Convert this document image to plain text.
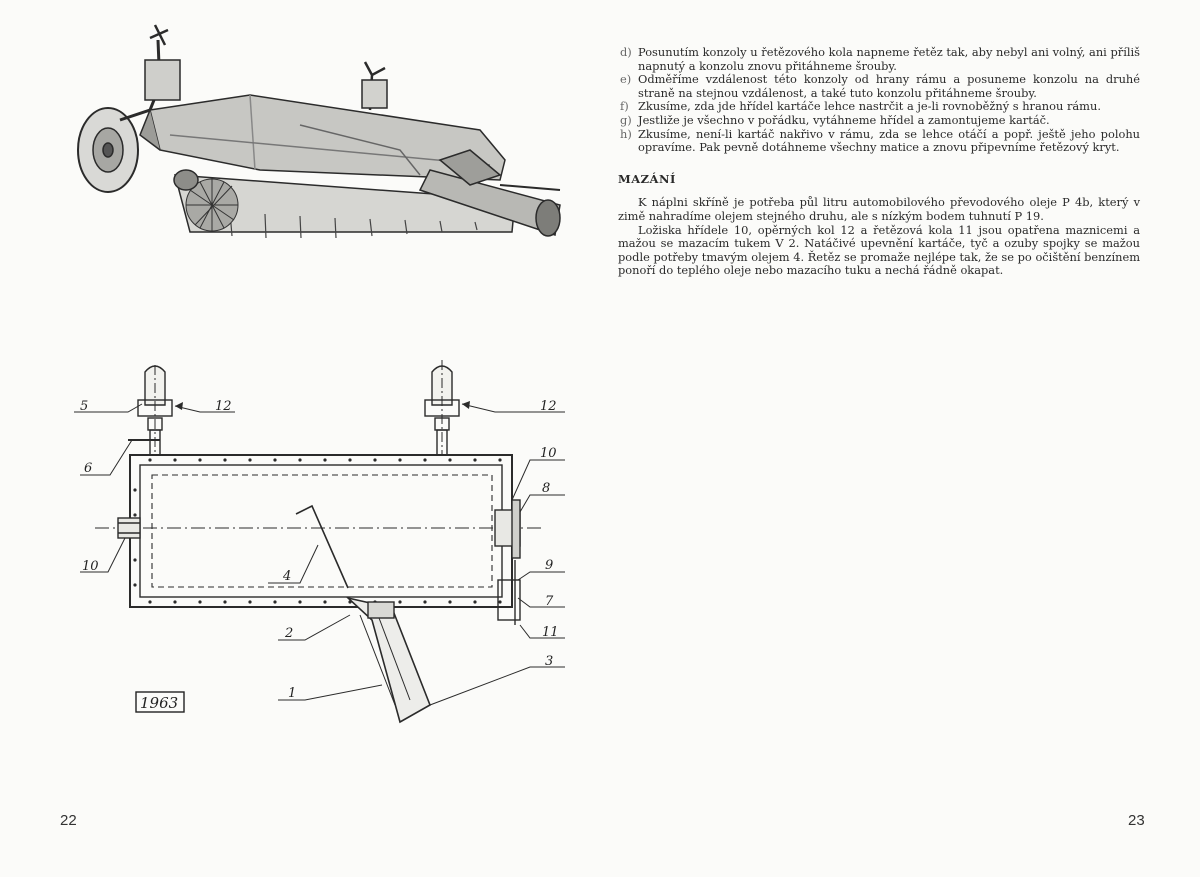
5	12	12
6
10
8
10
4
9
7
2	11
3
1
1963
22

d) Posunutím konzoly u řetězového kola napneme řetěz tak, aby nebyl ani volný, ani příliš napnutý a konzolu znovu přitáhneme šrouby.

e) Odměříme vzdálenost této konzoly od hrany rámu a posuneme konzolu na druhé straně na stejnou vzdálenost, a také tuto konzolu přitáhneme šrouby.

f) Zkusíme, zda jde hřídel kartáče lehce nastrčit a je-li rovnoběžný s hranou rámu.

g) Jestliže je všechno v pořádku, vytáhneme hřídel a zamontujeme kartáč.

h) Zkusíme, není-li kartáč nakřivo v rámu, zda se lehce otáčí a popř. ještě jeho polohu opravíme. Pak pevně dotáhneme všechny matice a znovu připevníme řetězový kryt.

MAZÁNÍ

K náplni skříně je potřeba půl litru automobilového převodového oleje P 4b, který v zimě nahradíme olejem stejného druhu, ale s nízkým bodem tuhnutí P 19.

Ložiska hřídele 10, opěrných kol 12 a řetězová kola 11 jsou opatřena maznicemi a mažou se mazacím tukem V 2. Natáčivé upevnění kartáče, tyč a ozuby spojky se mažou podle potřeby tmavým olejem 4. Řetěz se promaže nejlépe tak, že se po očištění benzínem ponoří do teplého oleje nebo mazacího tuku a nechá řádně okapat.

23
